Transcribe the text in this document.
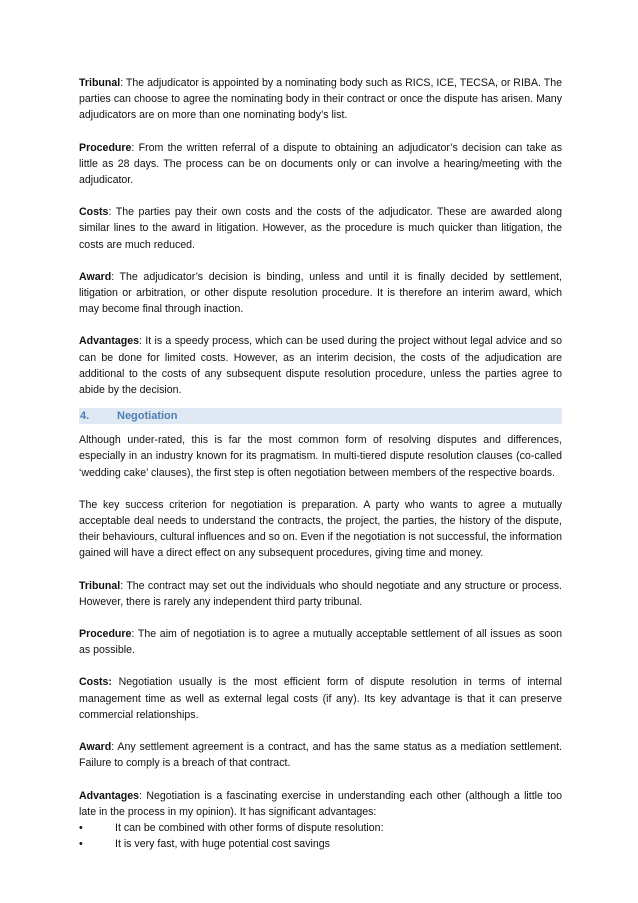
Tribunal: The adjudicator is appointed by a nominating body such as RICS, ICE, TECSA, or RIBA. The parties can choose to agree the nominating body in their contract or once the dispute has arisen. Many adjudicators are on more than one nominating body’s list.

Procedure: From the written referral of a dispute to obtaining an adjudicator’s decision can take as little as 28 days. The process can be on documents only or can involve a hearing/meeting with the adjudicator.

Costs: The parties pay their own costs and the costs of the adjudicator. These are awarded along similar lines to the award in litigation. However, as the procedure is much quicker than litigation, the costs are much reduced.

Award: The adjudicator’s decision is binding, unless and until it is finally decided by settlement, litigation or arbitration, or other dispute resolution procedure. It is therefore an interim award, which may become final through inaction.

Advantages: It is a speedy process, which can be used during the project without legal advice and so can be done for limited costs. However, as an interim decision, the costs of the adjudication are additional to the costs of any subsequent dispute resolution procedure, unless the parties agree to abide by the decision.

4.	Negotiation

Although under-rated, this is far the most common form of resolving disputes and differences, especially in an industry known for its pragmatism. In multi-tiered dispute resolution clauses (co-called ‘wedding cake’ clauses), the first step is often negotiation between members of the respective boards.

The key success criterion for negotiation is preparation. A party who wants to agree a mutually acceptable deal needs to understand the contracts, the project, the parties, the history of the dispute, their behaviours, cultural influences and so on. Even if the negotiation is not successful, the information gained will have a direct effect on any subsequent procedures, giving time and money.

Tribunal: The contract may set out the individuals who should negotiate and any structure or process. However, there is rarely any independent third party tribunal.

Procedure: The aim of negotiation is to agree a mutually acceptable settlement of all issues as soon as possible.

Costs: Negotiation usually is the most efficient form of dispute resolution in terms of internal management time as well as external legal costs (if any). Its key advantage is that it can preserve commercial relationships.

Award: Any settlement agreement is a contract, and has the same status as a mediation settlement. Failure to comply is a breach of that contract.

Advantages: Negotiation is a fascinating exercise in understanding each other (although a little too late in the process in my opinion). It has significant advantages:

•	It can be combined with other forms of dispute resolution:
•	It is very fast, with huge potential cost savings
